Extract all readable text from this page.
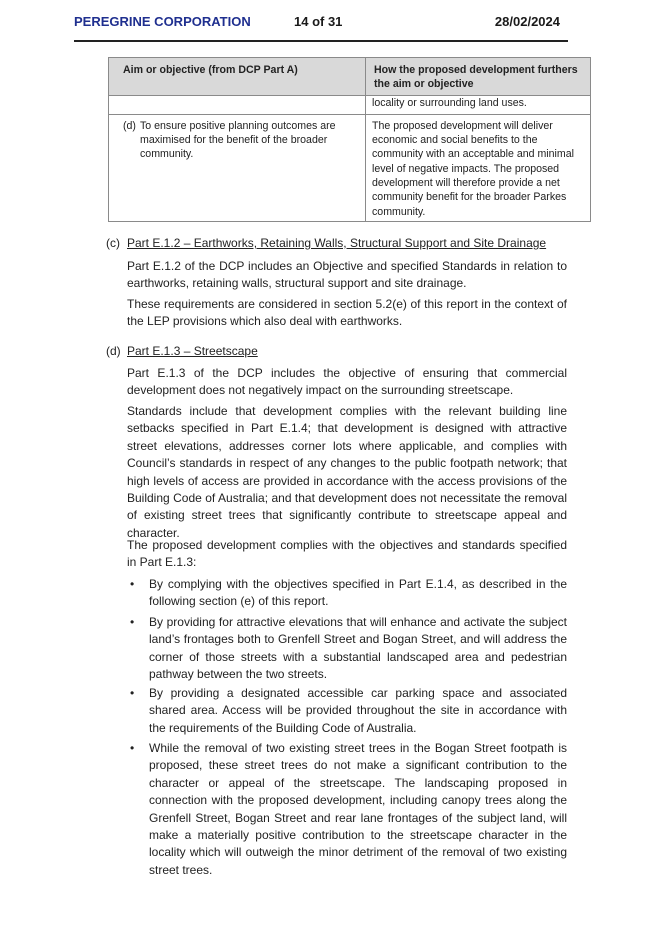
PEREGRINE CORPORATION	14 of 31	28/02/2024
Aim or objective (from DCP Part A)	How the proposed development furthers the aim or objective
	locality or surrounding land uses.
(d) To ensure positive planning outcomes are maximised for the benefit of the broader community.	The proposed development will deliver economic and social benefits to the community with an acceptable and minimal level of negative impacts. The proposed development will therefore provide a net community benefit for the broader Parkes community.
(c) Part E.1.2 – Earthworks, Retaining Walls, Structural Support and Site Drainage

Part E.1.2 of the DCP includes an Objective and specified Standards in relation to earthworks, retaining walls, structural support and site drainage.

These requirements are considered in section 5.2(e) of this report in the context of the LEP provisions which also deal with earthworks.

(d) Part E.1.3 – Streetscape

Part E.1.3 of the DCP includes the objective of ensuring that commercial development does not negatively impact on the surrounding streetscape.

Standards include that development complies with the relevant building line setbacks specified in Part E.1.4; that development is designed with attractive street elevations, addresses corner lots where applicable, and complies with Council’s standards in respect of any changes to the public footpath network; that high levels of access are provided in accordance with the access provisions of the Building Code of Australia; and that development does not necessitate the removal of existing street trees that significantly contribute to streetscape appeal and character.

The proposed development complies with the objectives and standards specified in Part E.1.3:

• By complying with the objectives specified in Part E.1.4, as described in the following section (e) of this report.
• By providing for attractive elevations that will enhance and activate the subject land’s frontages both to Grenfell Street and Bogan Street, and will address the corner of those streets with a substantial landscaped area and pedestrian pathway between the two streets.
• By providing a designated accessible car parking space and associated shared area. Access will be provided throughout the site in accordance with the requirements of the Building Code of Australia.
• While the removal of two existing street trees in the Bogan Street footpath is proposed, these street trees do not make a significant contribution to the character or appeal of the streetscape. The landscaping proposed in connection with the proposed development, including canopy trees along the Grenfell Street, Bogan Street and rear lane frontages of the subject land, will make a materially positive contribution to the streetscape character in the locality which will outweigh the minor detriment of the removal of two existing street trees.
